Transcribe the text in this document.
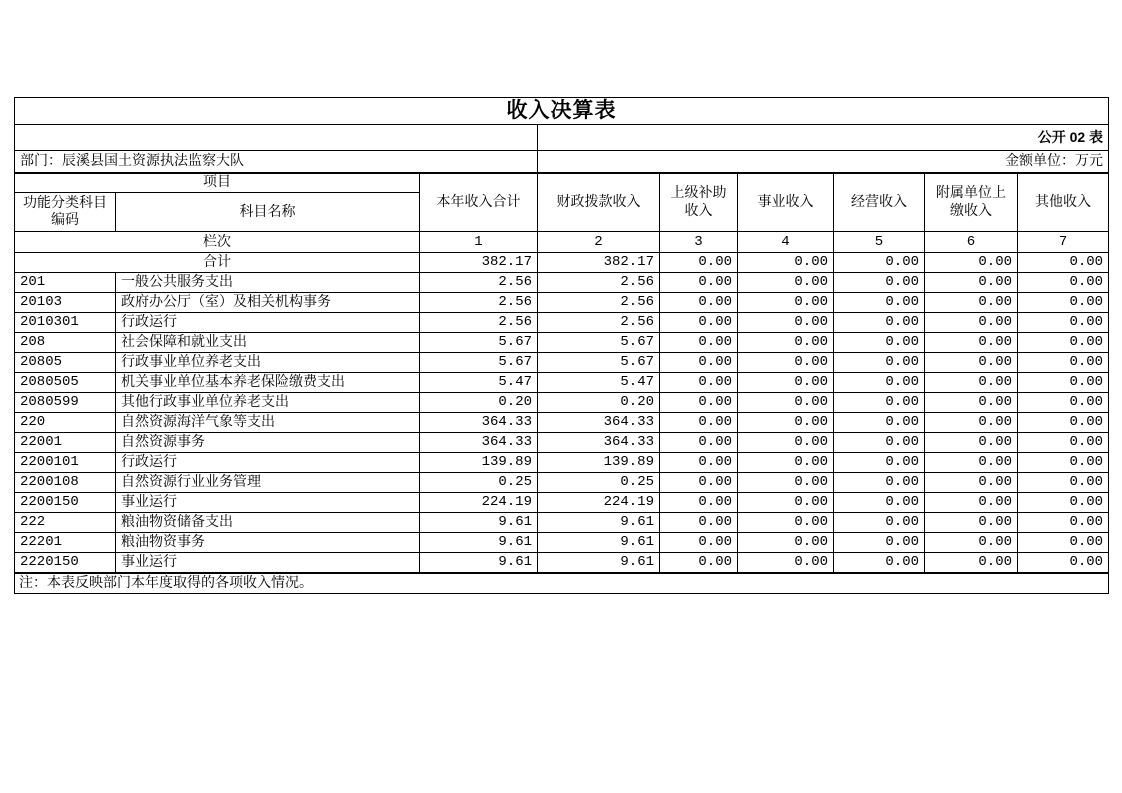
收入决算表								
			公开 02 表					
部门：辰溪县国土资源执法监察大队			金额单位：万元					
项目		本年收入合计	财政拨款收入	上级补助收入	事业收入	经营收入	附属单位上缴收入	其他收入
功能分类科目编码	科目名称							
栏次		1	2	3	4	5	6	7
合计		382.17	382.17	0.00	0.00	0.00	0.00	0.00
201	一般公共服务支出	2.56	2.56	0.00	0.00	0.00	0.00	0.00
20103	政府办公厅（室）及相关机构事务	2.56	2.56	0.00	0.00	0.00	0.00	0.00
2010301	行政运行	2.56	2.56	0.00	0.00	0.00	0.00	0.00
208	社会保障和就业支出	5.67	5.67	0.00	0.00	0.00	0.00	0.00
20805	行政事业单位养老支出	5.67	5.67	0.00	0.00	0.00	0.00	0.00
2080505	机关事业单位基本养老保险缴费支出	5.47	5.47	0.00	0.00	0.00	0.00	0.00
2080599	其他行政事业单位养老支出	0.20	0.20	0.00	0.00	0.00	0.00	0.00
220	自然资源海洋气象等支出	364.33	364.33	0.00	0.00	0.00	0.00	0.00
22001	自然资源事务	364.33	364.33	0.00	0.00	0.00	0.00	0.00
2200101	行政运行	139.89	139.89	0.00	0.00	0.00	0.00	0.00
2200108	自然资源行业业务管理	0.25	0.25	0.00	0.00	0.00	0.00	0.00
2200150	事业运行	224.19	224.19	0.00	0.00	0.00	0.00	0.00
222	粮油物资储备支出	9.61	9.61	0.00	0.00	0.00	0.00	0.00
22201	粮油物资事务	9.61	9.61	0.00	0.00	0.00	0.00	0.00
2220150	事业运行	9.61	9.61	0.00	0.00	0.00	0.00	0.00
注：本表反映部门本年度取得的各项收入情况。								
